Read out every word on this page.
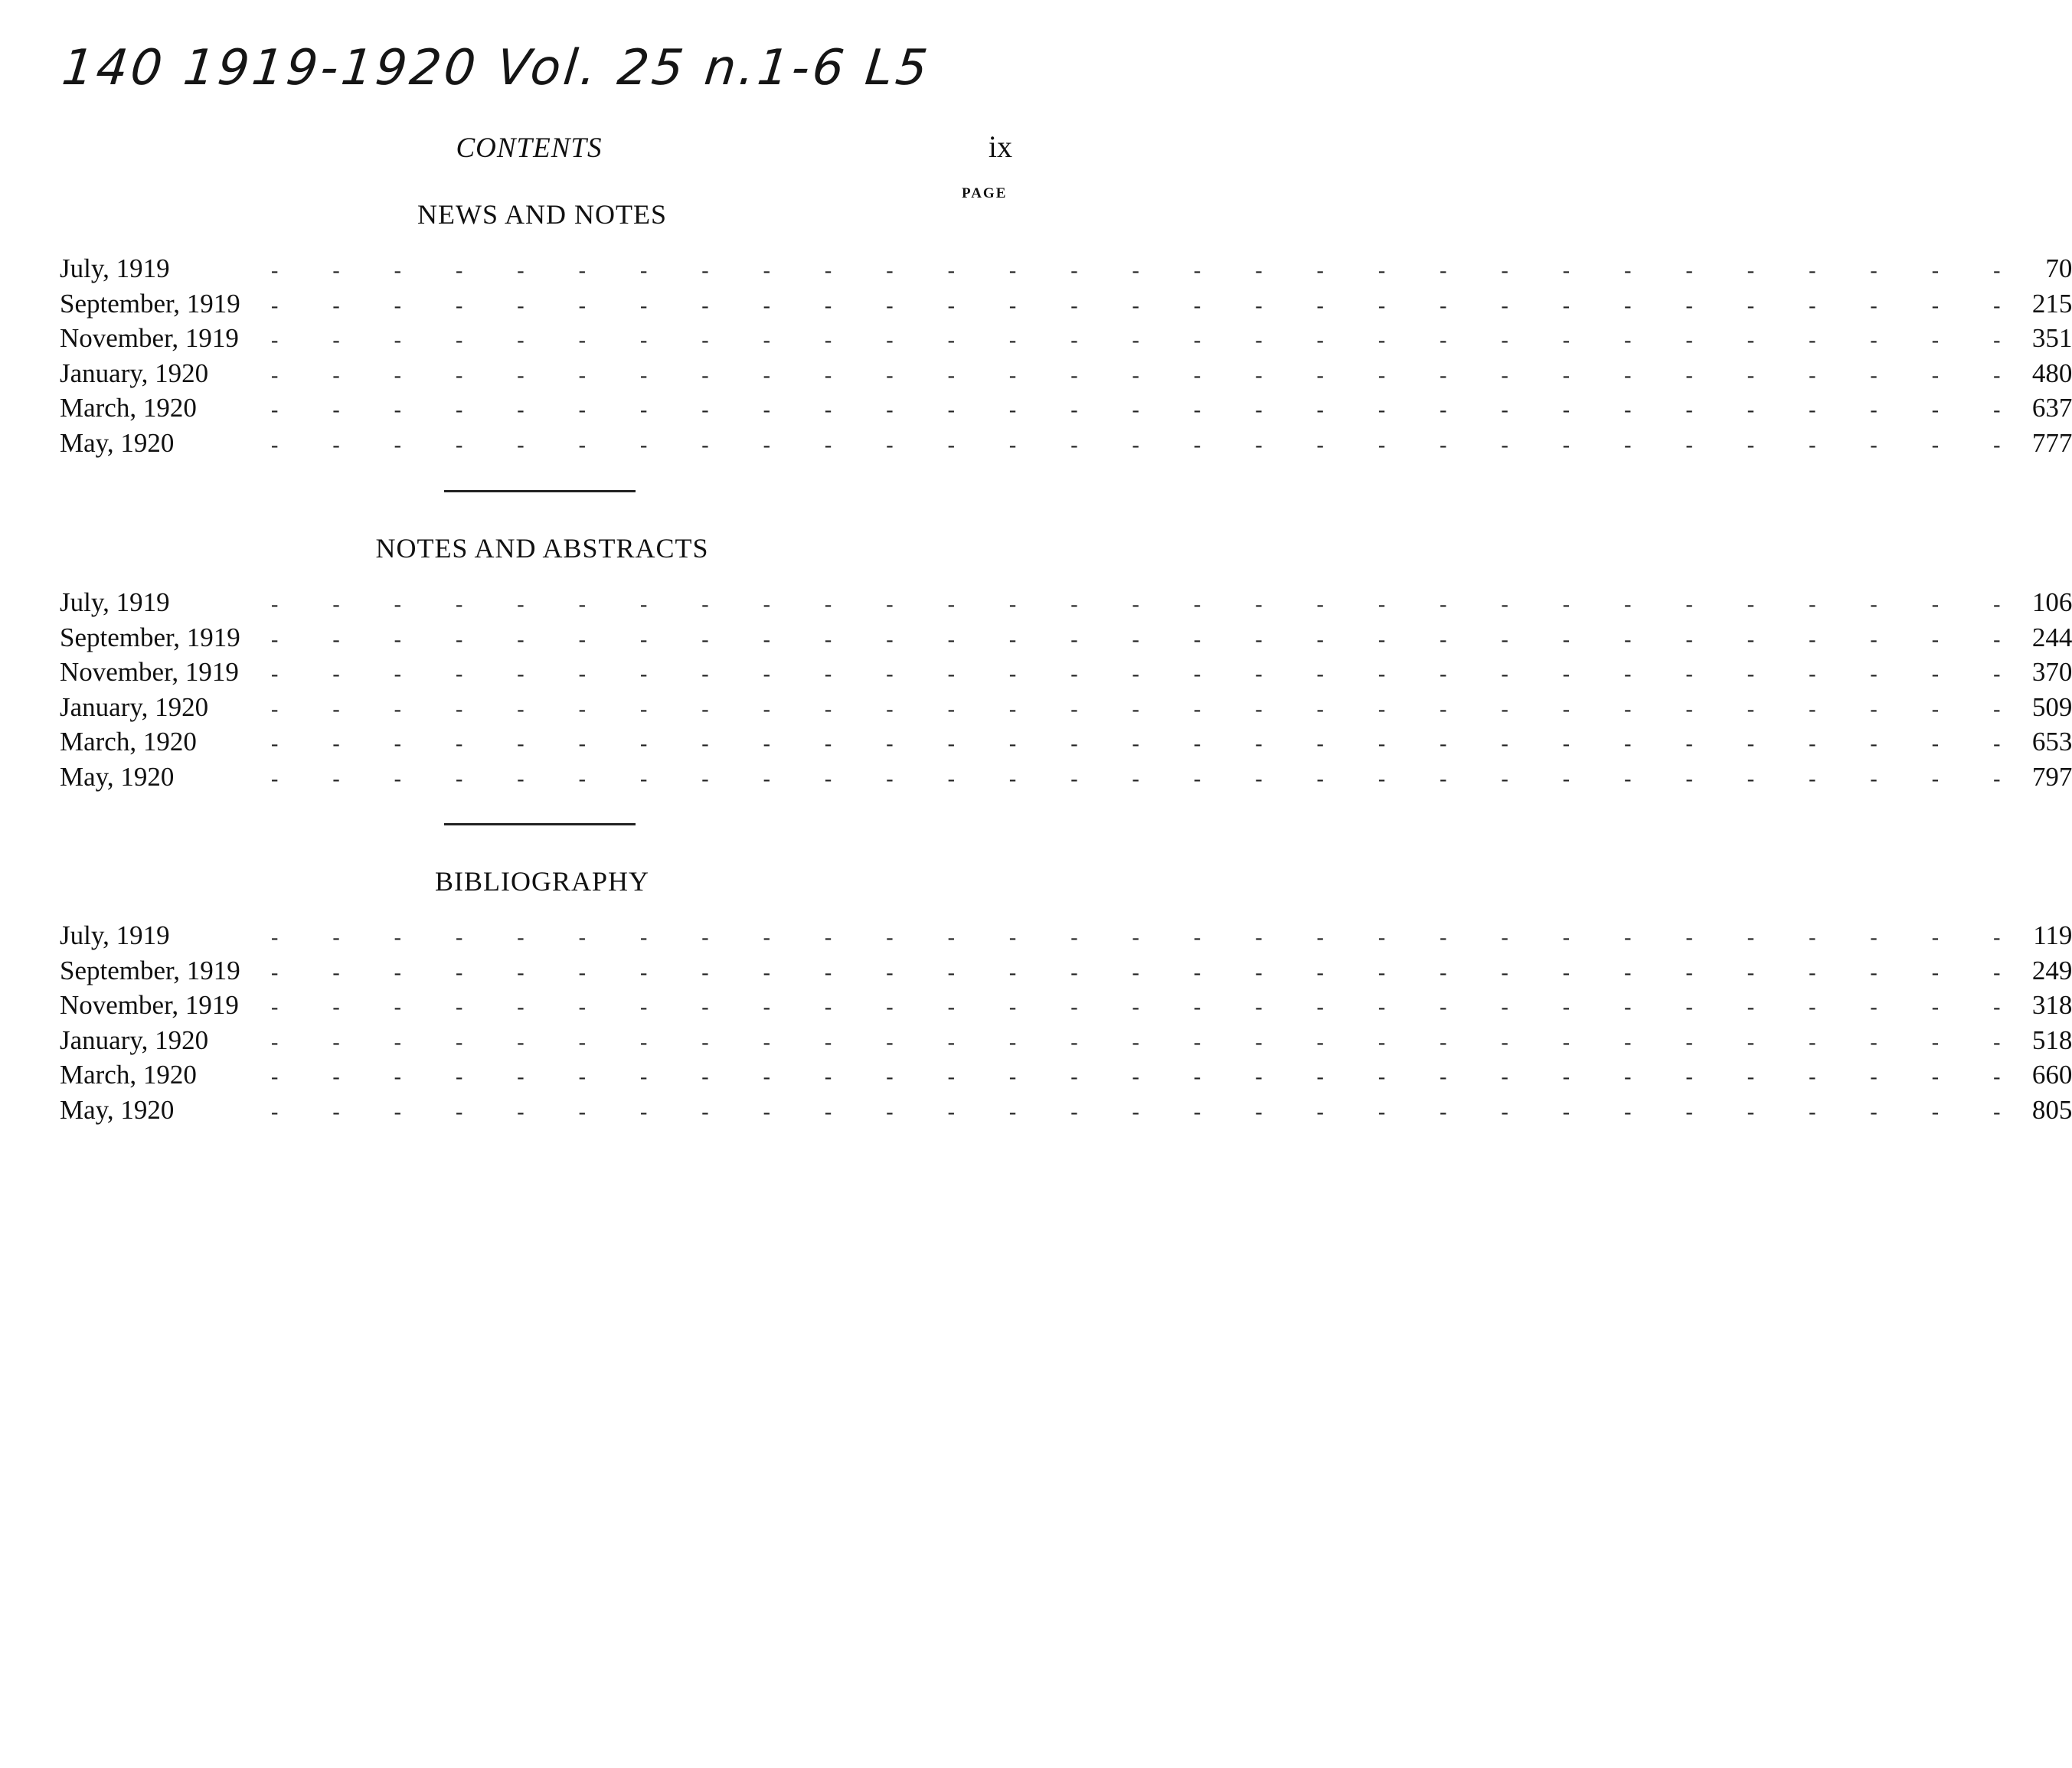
140 1919-1920 Vol. 25 n.1-6 L5
CONTENTS	ix
PAGE
NEWS AND NOTES
July, 1919	- - - - - - - - - - - - - - - - - - - - - - - - - - - - - 70
September, 1919	- - - - - - - - - - - - - - - - - - - - - - - - - - - - - 215
November, 1919	- - - - - - - - - - - - - - - - - - - - - - - - - - - - - 351
January, 1920	- - - - - - - - - - - - - - - - - - - - - - - - - - - - - 480
March, 1920	- - - - - - - - - - - - - - - - - - - - - - - - - - - - - 637
May, 1920	- - - - - - - - - - - - - - - - - - - - - - - - - - - - - 777
NOTES AND ABSTRACTS
July, 1919	- - - - - - - - - - - - - - - - - - - - - - - - - - - - - 106
September, 1919	- - - - - - - - - - - - - - - - - - - - - - - - - - - - - 244
November, 1919	- - - - - - - - - - - - - - - - - - - - - - - - - - - - - 370
January, 1920	- - - - - - - - - - - - - - - - - - - - - - - - - - - - - 509
March, 1920	- - - - - - - - - - - - - - - - - - - - - - - - - - - - - 653
May, 1920	- - - - - - - - - - - - - - - - - - - - - - - - - - - - - 797
BIBLIOGRAPHY
July, 1919	- - - - - - - - - - - - - - - - - - - - - - - - - - - - - 119
September, 1919	- - - - - - - - - - - - - - - - - - - - - - - - - - - - - 249
November, 1919	- - - - - - - - - - - - - - - - - - - - - - - - - - - - - 318
January, 1920	- - - - - - - - - - - - - - - - - - - - - - - - - - - - - 518
March, 1920	- - - - - - - - - - - - - - - - - - - - - - - - - - - - - 660
May, 1920	- - - - - - - - - - - - - - - - - - - - - - - - - - - - - 805
